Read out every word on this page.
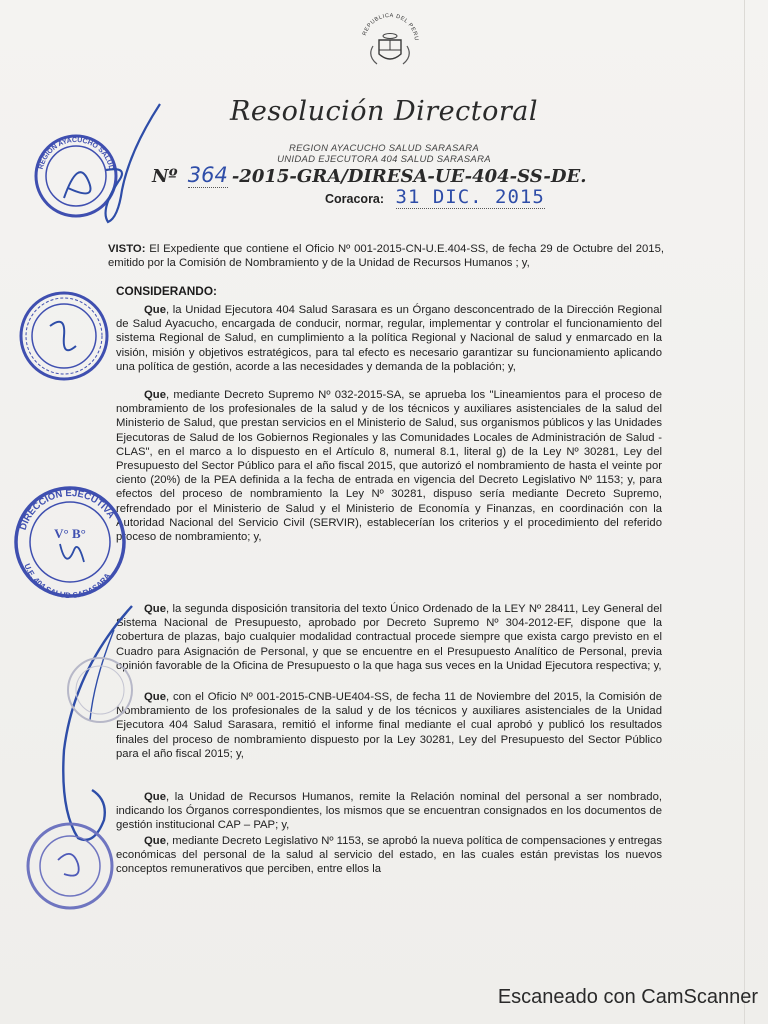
REPUBLICA DEL PERU
Resolución Directoral
REGION AYACUCHO SALUD SARASARA
UNIDAD EJECUTORA 404 SALUD SARASARA
Nº 364 -2015-GRA/DIRESA-UE-404-SS-DE.
Coracora: 31 DIC. 2015

VISTO: El Expediente que contiene el Oficio Nº 001-2015-CN-U.E.404-SS, de fecha 29 de Octubre del 2015, emitido por la Comisión de Nombramiento y de la Unidad de Recursos Humanos ; y,

CONSIDERANDO:

Que, la Unidad Ejecutora 404 Salud Sarasara es un Órgano desconcentrado de la Dirección Regional de Salud Ayacucho, encargada de conducir, normar, regular, implementar y controlar el funcionamiento del sistema Regional de Salud, en cumplimiento a la política Regional y Nacional de salud y enmarcado en la visión, misión y objetivos estratégicos, para tal efecto es necesario garantizar su funcionamiento aplicando una política de gestión, acorde a las necesidades y demanda de la población; y,

Que, mediante Decreto Supremo Nº 032-2015-SA, se aprueba los "Lineamientos para el proceso de nombramiento de los profesionales de la salud y de los técnicos y auxiliares asistenciales de la salud del Ministerio de Salud, que prestan servicios en el Ministerio de Salud, sus organismos públicos y las Unidades Ejecutoras de Salud de los Gobiernos Regionales y las Comunidades Locales de Administración de Salud -CLAS", en el marco a lo dispuesto en el Artículo 8, numeral 8.1, literal g) de la Ley Nº 30281, Ley del Presupuesto del Sector Público para el año fiscal 2015, que autorizó el nombramiento de hasta el veinte por ciento (20%) de la PEA definida a la fecha de entrada en vigencia del Decreto Legislativo Nº 1153; y, para efectos del proceso de nombramiento la Ley Nº 30281, dispuso sería mediante Decreto Supremo, refrendado por el Ministerio de Salud y el Ministerio de Economía y Finanzas, en coordinación con la Autoridad Nacional del Servicio Civil (SERVIR), establecerían los criterios y el procedimiento del referido proceso de nombramiento; y,

Que, la segunda disposición transitoria del texto Único Ordenado de la LEY Nº 28411, Ley General del Sistema Nacional de Presupuesto, aprobado por Decreto Supremo Nº 304-2012-EF, dispone que la cobertura de plazas, bajo cualquier modalidad contractual procede siempre que exista cargo previsto en el Cuadro para Asignación de Personal, y que se encuentre en el Presupuesto Analítico de Personal, previa opinión favorable de la Oficina de Presupuesto o la que haga sus veces en la Unidad Ejecutora respectiva; y,

Que, con el Oficio Nº 001-2015-CNB-UE404-SS, de fecha 11 de Noviembre del 2015, la Comisión de Nombramiento de los profesionales de la salud y de los técnicos y auxiliares asistenciales de la Unidad Ejecutora 404 Salud Sarasara, remitió el informe final mediante el cual aprobó y publicó los resultados finales del proceso de nombramiento dispuesto por la Ley 30281, Ley del Presupuesto del Sector Público para el año fiscal 2015; y,

Que, la Unidad de Recursos Humanos, remite la Relación nominal del personal a ser nombrado, indicando los Órganos correspondientes, los mismos que se encuentran consignados en los documentos de gestión institucional CAP – PAP; y,

Que, mediante Decreto Legislativo Nº 1153, se aprobó la nueva política de compensaciones y entregas económicas del personal de la salud al servicio del estado, en las cuales están previstas los nuevos conceptos remunerativos que perciben, entre ellos la

REGION AYACUCHO SALUD
DIRECCION EJECUTIVA
U.E. 404 SALUD SARASARA
V° B°
Escaneado con CamScanner
